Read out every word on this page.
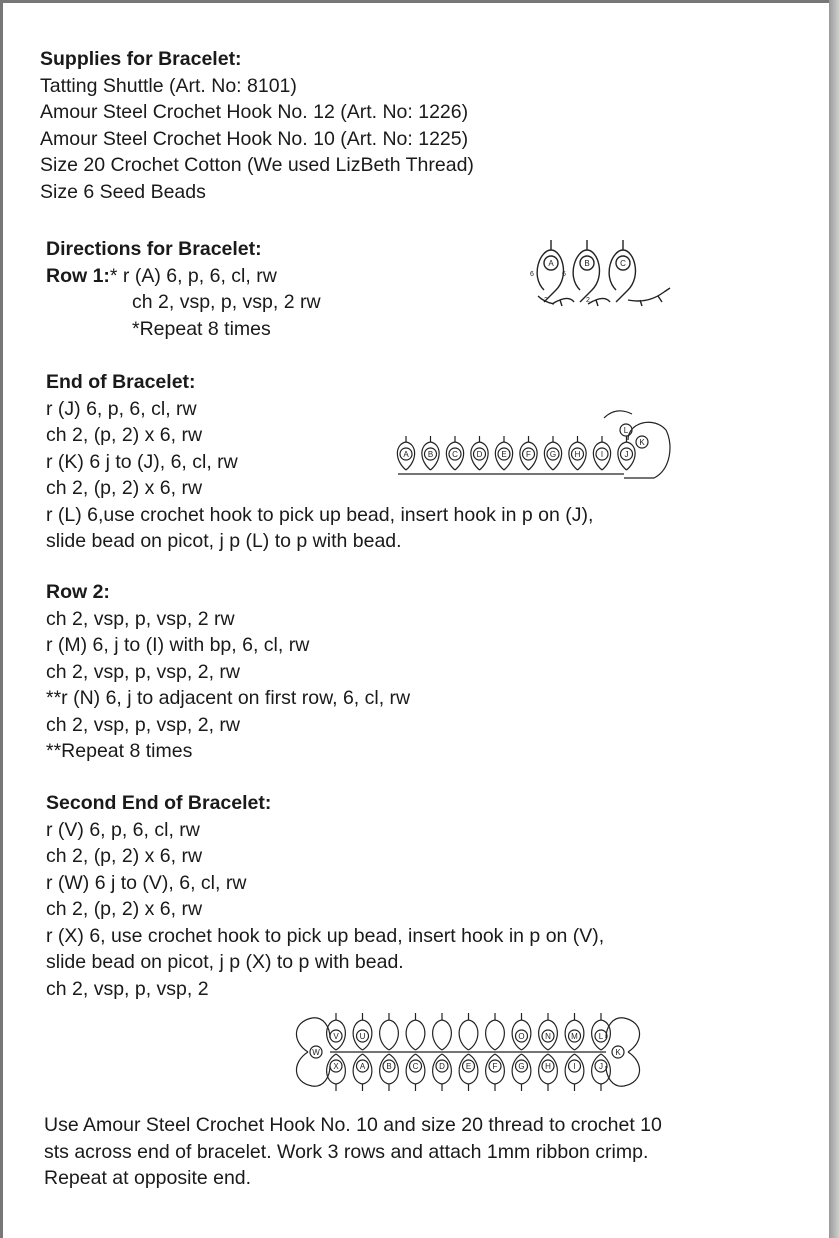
Supplies for Bracelet:
Tatting Shuttle (Art. No: 8101)
Amour Steel Crochet Hook No. 12 (Art. No: 1226)
Amour Steel Crochet Hook No. 10 (Art. No: 1225)
Size 20 Crochet Cotton (We used LizBeth Thread)
Size 6 Seed Beads
Directions for Bracelet:
Row 1:* r (A) 6, p, 6, cl, rw
ch 2, vsp, p, vsp, 2 rw
*Repeat 8 times
End of Bracelet:
r (J) 6, p, 6, cl, rw
ch 2, (p, 2) x 6, rw
r (K) 6 j to (J), 6, cl, rw
ch 2, (p, 2) x 6, rw
r (L) 6,use crochet hook to pick up bead, insert hook in p on (J),
slide bead on picot, j p (L) to p with bead.
Row 2:
ch 2, vsp, p, vsp, 2 rw
r (M) 6, j to (I) with bp, 6, cl, rw
ch 2, vsp, p, vsp, 2, rw
**r (N) 6, j to adjacent on first row, 6, cl, rw
ch 2, vsp, p, vsp, 2, rw
**Repeat 8 times
Second End of Bracelet:
r (V) 6, p, 6, cl, rw
ch 2, (p, 2) x 6, rw
r (W) 6 j to (V), 6, cl, rw
ch 2, (p, 2) x 6, rw
r (X) 6, use crochet hook to pick up bead, insert hook in p on (V),
slide bead on picot, j p (X) to p with bead.
ch 2, vsp, p, vsp, 2
Use Amour Steel Crochet Hook No. 10 and size 20 thread to crochet 10
sts across end of bracelet. Work 3 rows and attach 1mm ribbon crimp.
Repeat at opposite end.
A	B	C
6	6
2	2
A B C D E F G H	I	J
L
K
V	U	O	N	M	L
X	A	B	C	D	E	F	G	H	I	J
W	K
